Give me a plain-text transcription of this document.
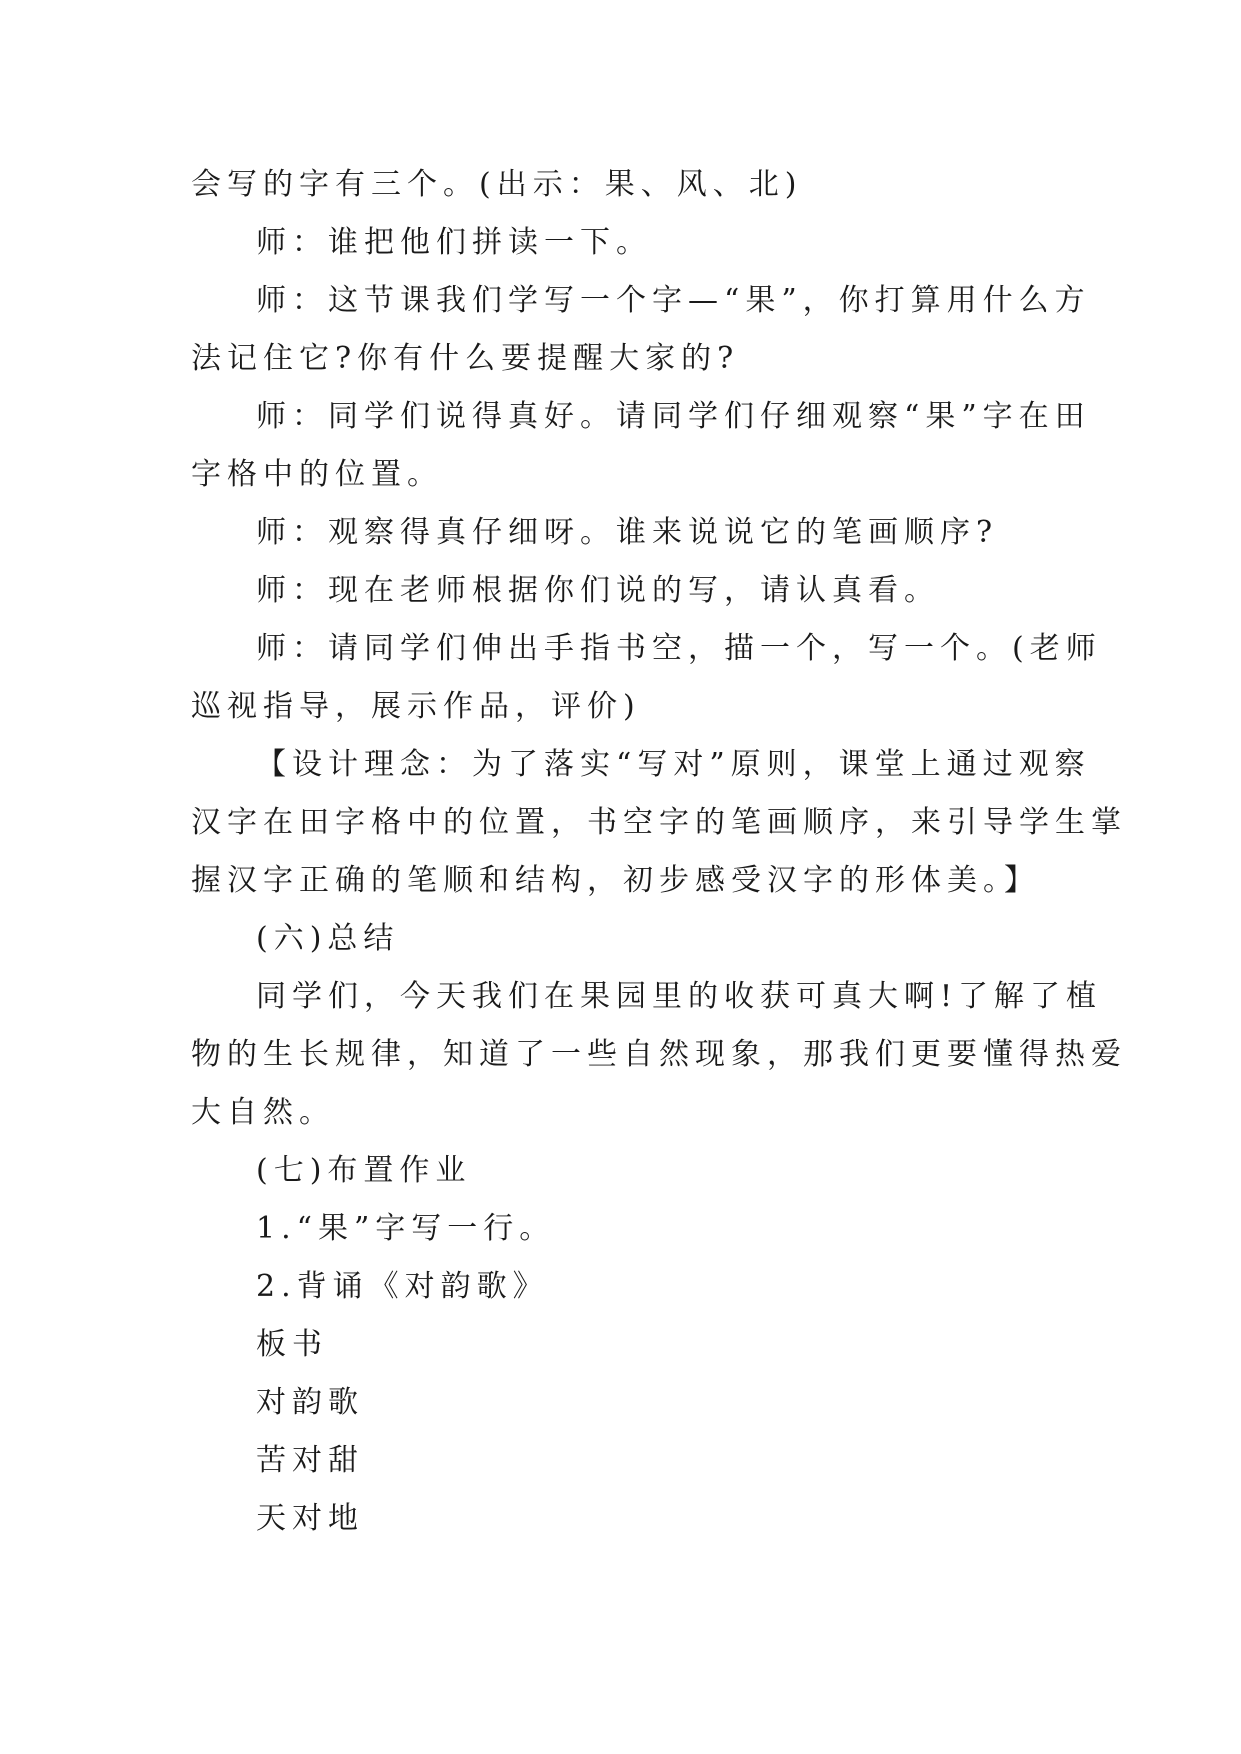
会写的字有三个。(出示：果、风、北)
师：谁把他们拼读一下。
师：这节课我们学写一个字—“果”，你打算用什么方
法记住它?你有什么要提醒大家的?
师：同学们说得真好。请同学们仔细观察“果”字在田
字格中的位置。
师：观察得真仔细呀。谁来说说它的笔画顺序?
师：现在老师根据你们说的写，请认真看。
师：请同学们伸出手指书空，描一个，写一个。(老师
巡视指导，展示作品，评价)
【设计理念：为了落实“写对”原则，课堂上通过观察
汉字在田字格中的位置，书空字的笔画顺序，来引导学生掌
握汉字正确的笔顺和结构，初步感受汉字的形体美。】
(六)总结
同学们，今天我们在果园里的收获可真大啊!了解了植
物的生长规律，知道了一些自然现象，那我们更要懂得热爱
大自然。
(七)布置作业
1.“果”字写一行。
2.背诵《对韵歌》
板书
对韵歌
苦对甜
天对地
